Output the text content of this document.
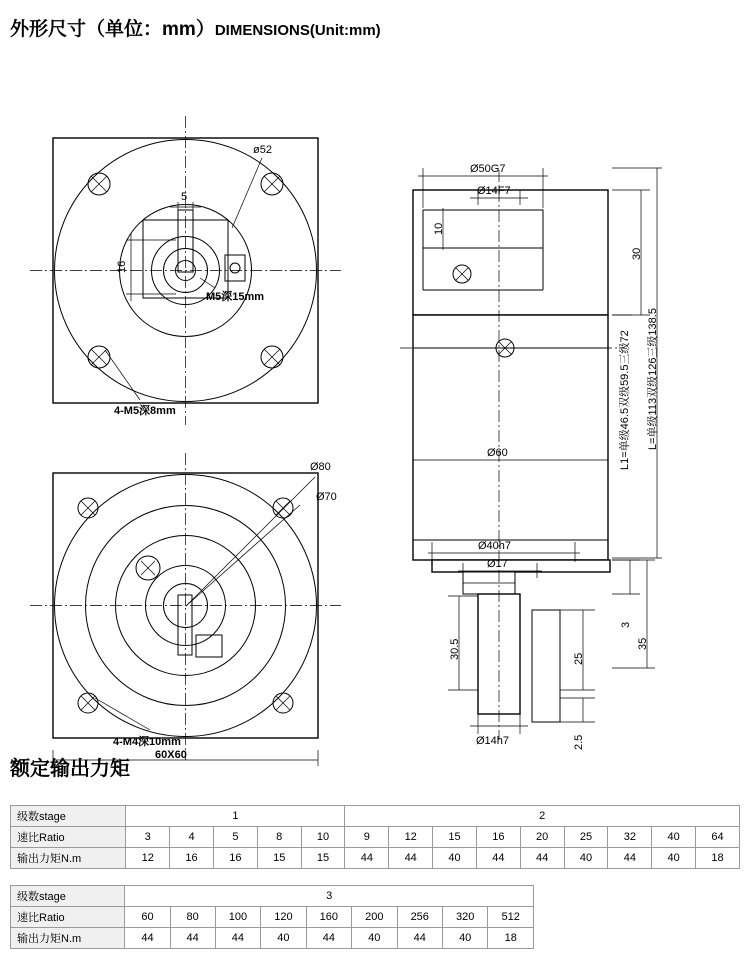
外形尺寸（单位：mm）DIMENSIONS(Unit:mm)
ø52
5
16
M5深15mm
4-M5深8mm
Ø80
Ø70
4-M4深10mm
60X60
Ø50G7
Ø14F7
10
30
L=单级113双级126三级138.5
L1=单级46.5双级59.5三级72
Ø60
Ø40h7
Ø17
Ø14h7
30.5	25
3
35
2.5
额定输出力矩
级数stage	1					2								
速比Ratio	3	4	5	8	10	9	12	15	16	20	25	32	40	64
输出力矩N.m	12	16	16	15	15	44	44	40	44	44	40	44	40	18
级数stage	3								
速比Ratio	60	80	100	120	160	200	256	320	512
输出力矩N.m	44	44	44	40	44	40	44	40	18
